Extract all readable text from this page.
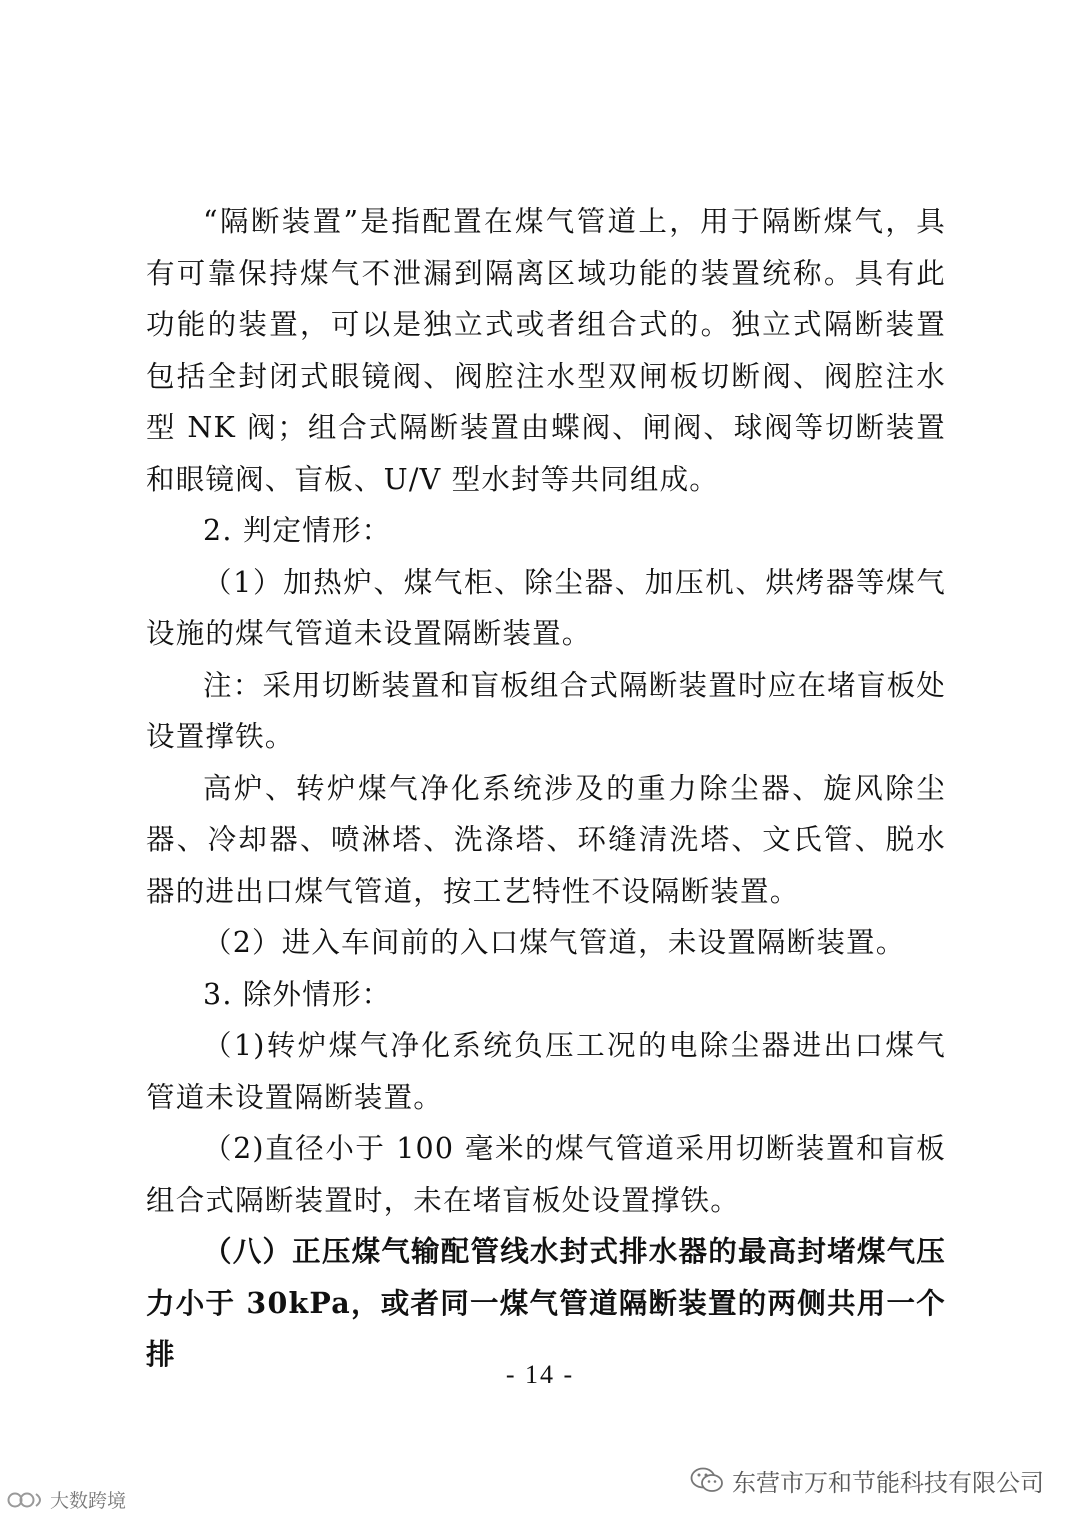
“隔断装置”是指配置在煤气管道上，用于隔断煤气，具有可靠保持煤气不泄漏到隔离区域功能的装置统称。具有此功能的装置，可以是独立式或者组合式的。独立式隔断装置包括全封闭式眼镜阀、阀腔注水型双闸板切断阀、阀腔注水型 NK 阀；组合式隔断装置由蝶阀、闸阀、球阀等切断装置和眼镜阀、盲板、U/V 型水封等共同组成。

2. 判定情形：

（1）加热炉、煤气柜、除尘器、加压机、烘烤器等煤气设施的煤气管道未设置隔断装置。

注：采用切断装置和盲板组合式隔断装置时应在堵盲板处设置撑铁。

高炉、转炉煤气净化系统涉及的重力除尘器、旋风除尘器、冷却器、喷淋塔、洗涤塔、环缝清洗塔、文氏管、脱水器的进出口煤气管道，按工艺特性不设隔断装置。

（2）进入车间前的入口煤气管道，未设置隔断装置。

3. 除外情形：

（1)转炉煤气净化系统负压工况的电除尘器进出口煤气管道未设置隔断装置。

（2)直径小于 100 毫米的煤气管道采用切断装置和盲板组合式隔断装置时，未在堵盲板处设置撑铁。

（八）正压煤气输配管线水封式排水器的最高封堵煤气压力小于 30kPa，或者同一煤气管道隔断装置的两侧共用一个排

- 14 -
东营市万和节能科技有限公司
大数跨境
